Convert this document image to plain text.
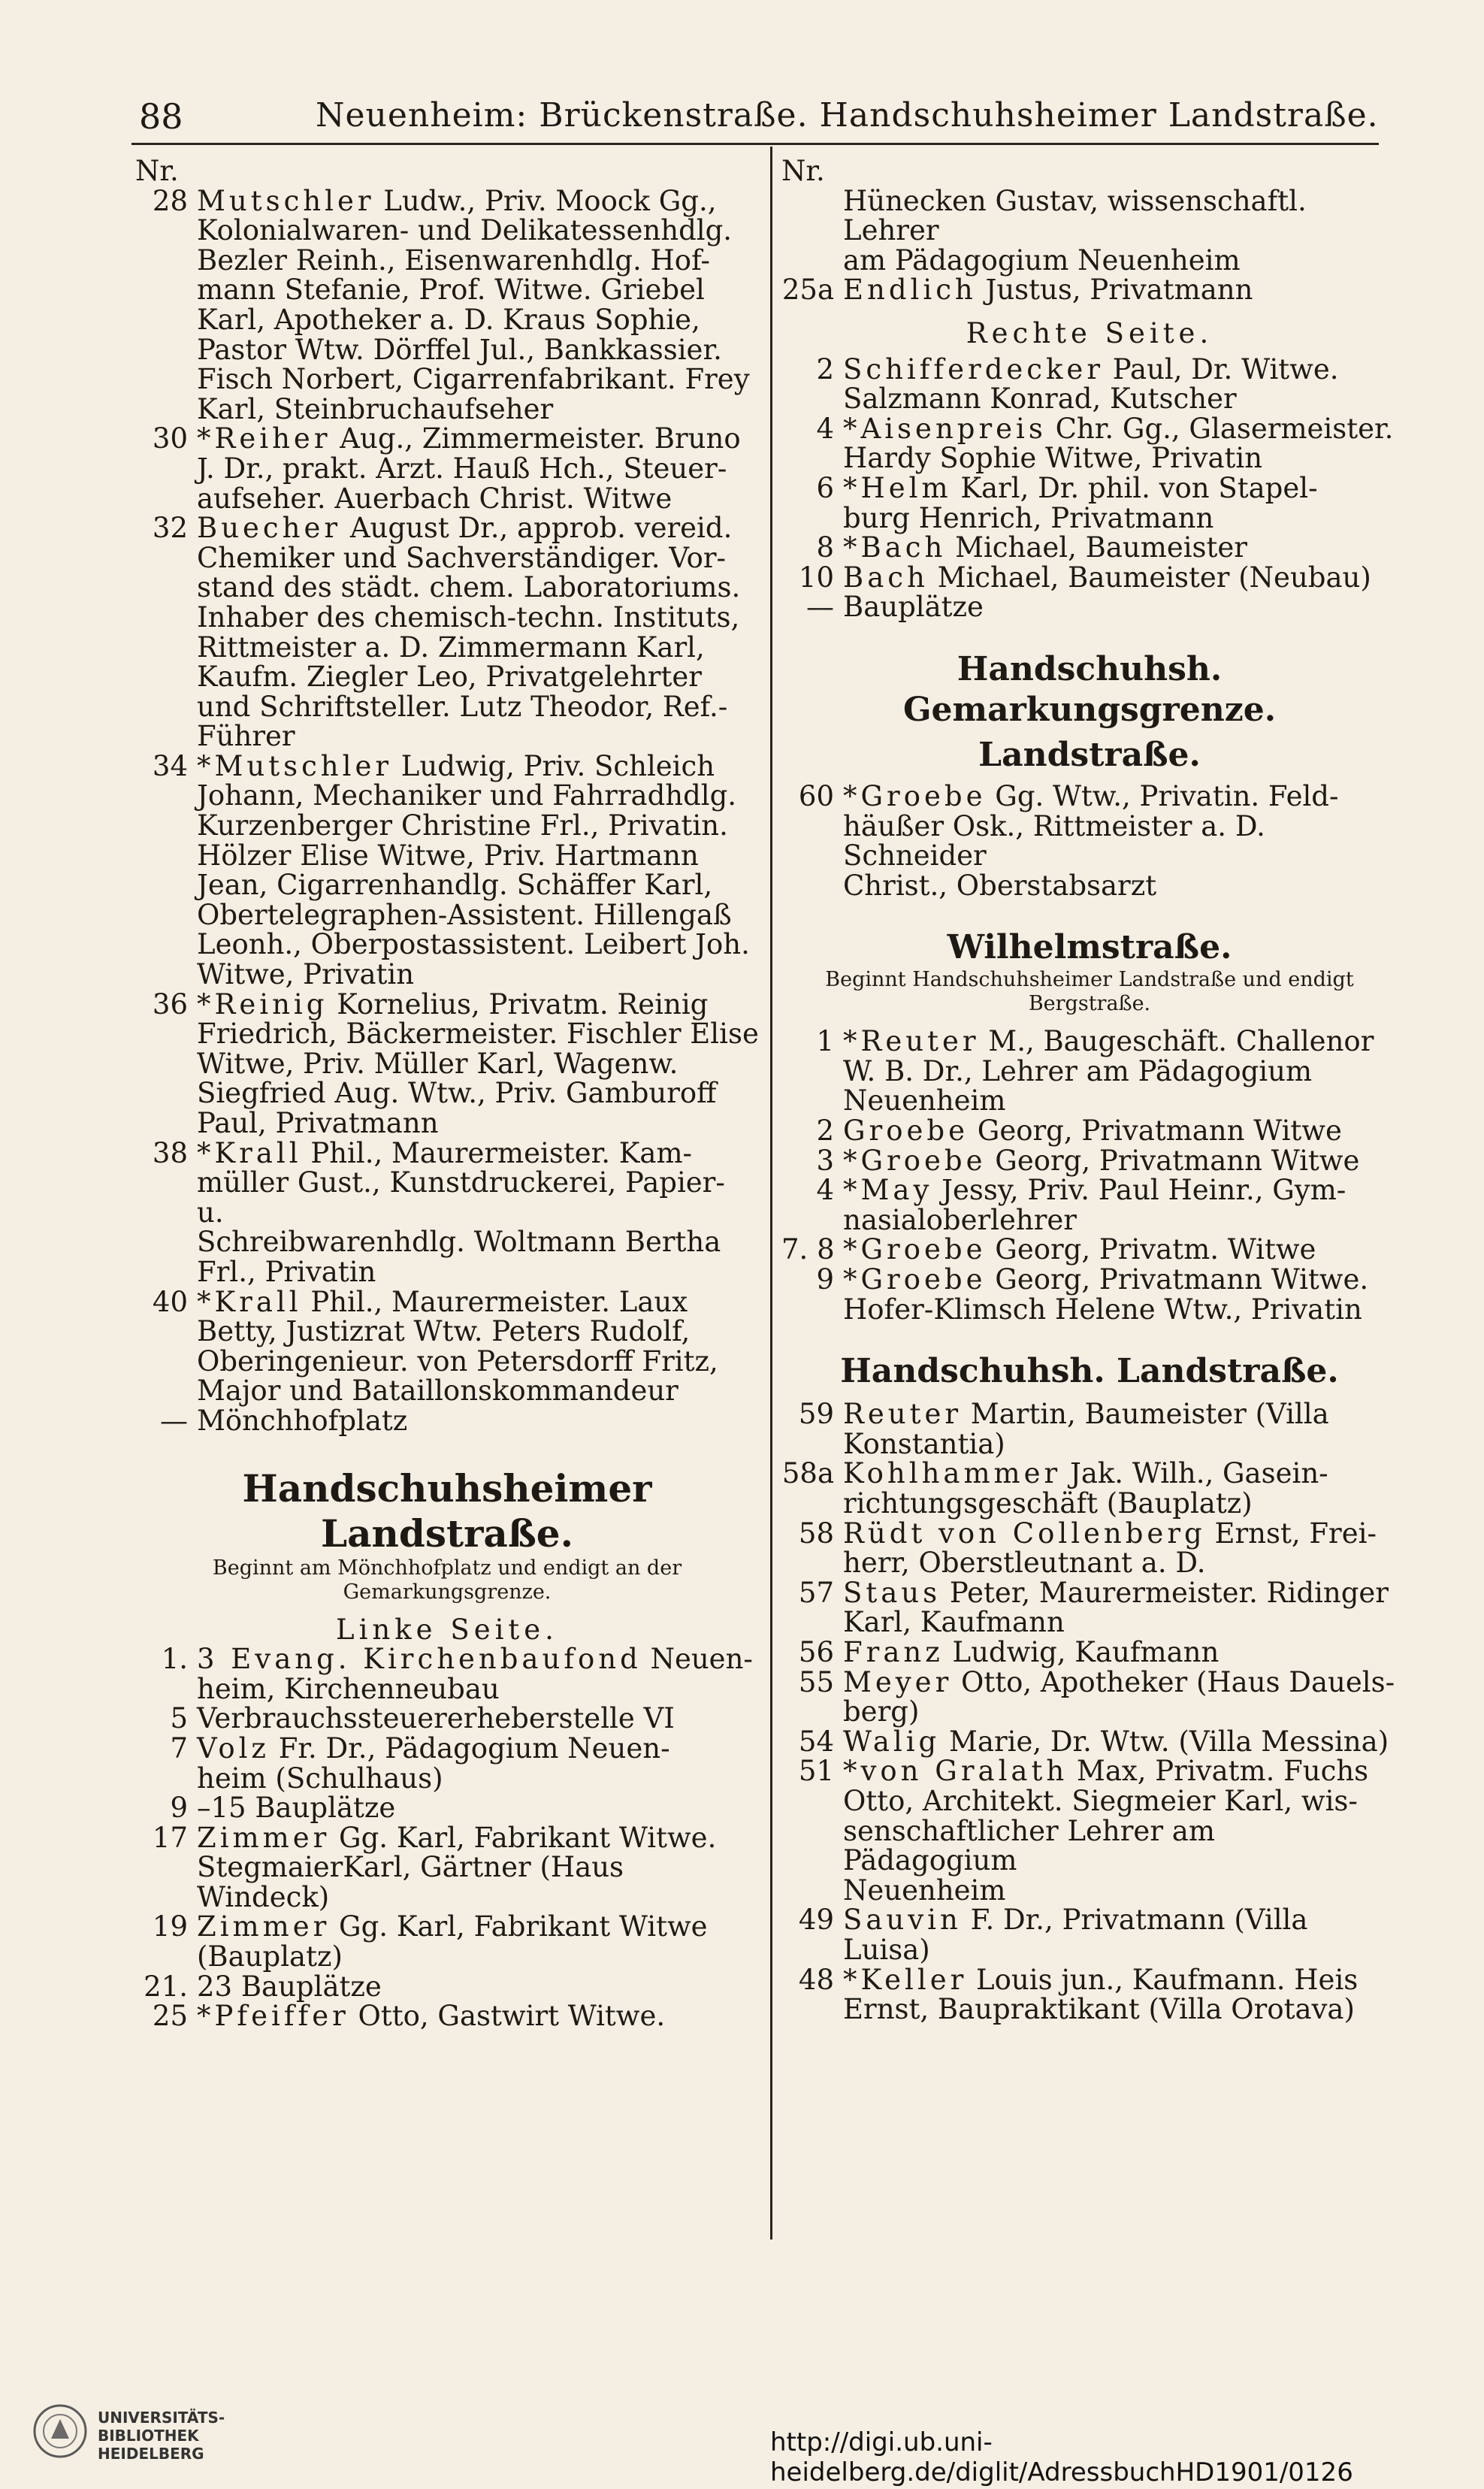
88	Neuenheim: Brückenstraße. Handschuhsheimer Landstraße.
Nr.
28 Mutschler Ludw., Priv. Moock Gg.,
Kolonialwaren- und Delikatessenhdlg.
Bezler Reinh., Eisenwarenhdlg. Hof-
mann Stefanie, Prof. Witwe. Griebel
Karl, Apotheker a. D. Kraus Sophie,
Pastor Wtw. Dörffel Jul., Bankkassier.
Fisch Norbert, Cigarrenfabrikant. Frey
Karl, Steinbruchaufseher
30 *Reiher Aug., Zimmermeister. Bruno
J. Dr., prakt. Arzt. Hauß Hch., Steuer-
aufseher. Auerbach Christ. Witwe
32 Buecher August Dr., approb. vereid.
Chemiker und Sachverständiger. Vor-
stand des städt. chem. Laboratoriums.
Inhaber des chemisch-techn. Instituts,
Rittmeister a. D. Zimmermann Karl,
Kaufm. Ziegler Leo, Privatgelehrter
und Schriftsteller. Lutz Theodor, Ref.-
Führer
34 *Mutschler Ludwig, Priv. Schleich
Johann, Mechaniker und Fahrradhdlg.
Kurzenberger Christine Frl., Privatin.
Hölzer Elise Witwe, Priv. Hartmann
Jean, Cigarrenhandlg. Schäffer Karl,
Obertelegraphen-Assistent. Hillengaß
Leonh., Oberpostassistent. Leibert Joh.
Witwe, Privatin
36 *Reinig Kornelius, Privatm. Reinig
Friedrich, Bäckermeister. Fischler Elise
Witwe, Priv. Müller Karl, Wagenw.
Siegfried Aug. Wtw., Priv. Gamburoff
Paul, Privatmann
38 *Krall Phil., Maurermeister. Kam-
müller Gust., Kunstdruckerei, Papier- u.
Schreibwarenhdlg. Woltmann Bertha
Frl., Privatin
40 *Krall Phil., Maurermeister. Laux
Betty, Justizrat Wtw. Peters Rudolf,
Oberingenieur. von Petersdorff Fritz,
Major und Bataillonskommandeur
— Mönchhofplatz
Handschuhsheimer Landstraße.
Beginnt am Mönchhofplatz und endigt an der
Gemarkungsgrenze.
Linke Seite.
1. 3 Evang. Kirchenbaufond Neuen-
heim, Kirchenneubau
5 Verbrauchssteuererheberstelle VI
7 Volz Fr. Dr., Pädagogium Neuen-
heim (Schulhaus)
9 –15 Bauplätze
17 Zimmer Gg. Karl, Fabrikant Witwe.
StegmaierKarl, Gärtner (Haus Windeck)
19 Zimmer Gg. Karl, Fabrikant Witwe
(Bauplatz)
21. 23 Bauplätze
25 *Pfeiffer Otto, Gastwirt Witwe.
Nr.
Hünecken Gustav, wissenschaftl. Lehrer
am Pädagogium Neuenheim
25a Endlich Justus, Privatmann
Rechte Seite.
2 Schifferdecker Paul, Dr. Witwe.
Salzmann Konrad, Kutscher
4 *Aisenpreis Chr. Gg., Glasermeister.
Hardy Sophie Witwe, Privatin
6 *Helm Karl, Dr. phil. von Stapel-
burg Henrich, Privatmann
8 *Bach Michael, Baumeister
10 Bach Michael, Baumeister (Neubau)
— Bauplätze
Handschuhsh. Gemarkungsgrenze.
Landstraße.
60 *Groebe Gg. Wtw., Privatin. Feld-
häußer Osk., Rittmeister a. D. Schneider
Christ., Oberstabsarzt
Wilhelmstraße.
Beginnt Handschuhsheimer Landstraße und endigt
Bergstraße.
1 *Reuter M., Baugeschäft. Challenor
W. B. Dr., Lehrer am Pädagogium
Neuenheim
2 Groebe Georg, Privatmann Witwe
3 *Groebe Georg, Privatmann Witwe
4 *May Jessy, Priv. Paul Heinr., Gym-
nasialoberlehrer
7. 8 *Groebe Georg, Privatm. Witwe
9 *Groebe Georg, Privatmann Witwe.
Hofer-Klimsch Helene Wtw., Privatin
Handschuhsh. Landstraße.
59 Reuter Martin, Baumeister (Villa
Konstantia)
58a Kohlhammer Jak. Wilh., Gasein-
richtungsgeschäft (Bauplatz)
58 Rüdt von Collenberg Ernst, Frei-
herr, Oberstleutnant a. D.
57 Staus Peter, Maurermeister. Ridinger
Karl, Kaufmann
56 Franz Ludwig, Kaufmann
55 Meyer Otto, Apotheker (Haus Dauels-
berg)
54 Walig Marie, Dr. Wtw. (Villa Messina)
51 *von Gralath Max, Privatm. Fuchs
Otto, Architekt. Siegmeier Karl, wis-
senschaftlicher Lehrer am Pädagogium
Neuenheim
49 Sauvin F. Dr., Privatmann (Villa
Luisa)
48 *Keller Louis jun., Kaufmann. Heis
Ernst, Baupraktikant (Villa Orotava)
UNIVERSITÄTS-
BIBLIOTHEK
HEIDELBERG	http://digi.ub.uni-heidelberg.de/diglit/AdressbuchHD1901/0126
